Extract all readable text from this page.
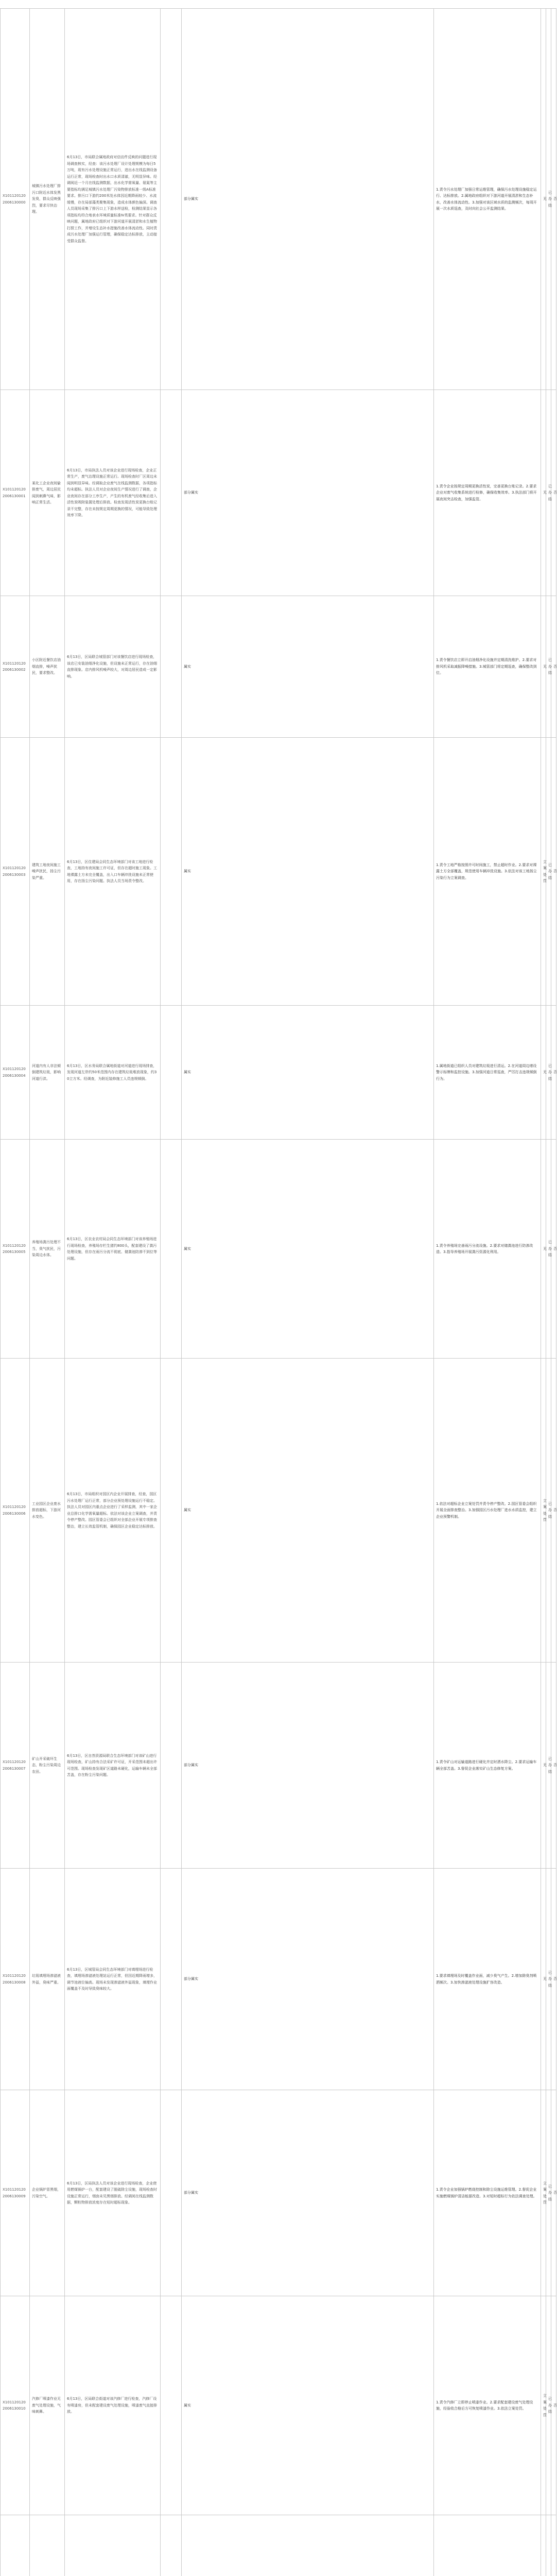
X1011201202006130000	城镇污水处理厂排污口附近水体发黑发臭，群众反映强烈，要求尽快治理。	6月13日，市局联合属地政府对信访件反映的问题进行现场调查核实，经查：该污水处理厂设计处理规模为每日5万吨，现有污水处理设施正常运行，进出水在线监测设备运行正常，现场检查时出水口水质清澈，无明显异味。经调阅近一个月在线监测数据，出水化学需氧量、氨氮等主要指标均满足城镇污水处理厂污染物排放标准一级A标准要求。排污口下游约200米处水体因近期降雨较少、水流缓慢，存在局部藻类聚集现象，造成水体颜色偏深。调查人员现场采集了排污口上下游水样送检，检测结果显示各项指标均符合地表水环境质量标准Ⅳ类要求。针对群众反映问题，属地政府已组织对下游河道开展清淤和水生植物打捞工作，并增设生态补水措施改善水体流动性。同时责成污水处理厂加强运行管理，确保稳定达标排放，主动接受群众监督。		部分属实	1.责令污水处理厂加强日常运维管理，确保污水处理设施稳定运行、达标排放。2.属地政府组织对下游河道开展清淤和生态补水，改善水体流动性。3.加强对该区域水质的监测频次，每周开展一次水质巡查，及时向社会公开监测结果。	无	已办结	否
X1011201202006130001	某化工企业夜间偷排废气，周边居民闻到刺鼻气味，影响正常生活。	6月13日，市局执法人员对该企业进行现场检查，企业正常生产，废气治理设施正常运行。现场检查时厂区周边未闻到明显异味。经调取企业废气在线监测数据，各项指标均未超标。执法人员对企业夜间生产情况进行了调查，企业夜间存在部分工序生产，产生的有机废气经收集后进入活性炭吸附装置处理后排放。检查发现活性炭更换台账记录不完整，存在未按规定周期更换的情况，可能导致处理效率下降。		部分属实	1.责令企业按规定周期更换活性炭，完善更换台账记录。2.要求企业对废气收集系统进行检修，确保收集效率。3.执法部门将开展夜间突击检查，加强监管。	无	已办结	否
X1011201202006130002	小区附近餐饮店油烟直排，噪声扰民，要求整改。	6月13日，区局联合城管部门对该餐饮店进行现场检查，该店已安装油烟净化设施，但设施未正常运行，存在油烟直排现象。店内排风机噪声较大，对周边居民造成一定影响。		属实	1.责令餐饮店立即开启油烟净化设施并定期清洗维护。2.要求对排风机采取减振降噪措施。3.城管部门将定期巡查，确保整改到位。	无	已办结	否
X1011201202006130003	建筑工地夜间施工噪声扰民，扬尘污染严重。	6月13日，区住建局会同生态环境部门对该工地进行检查，工地持有夜间施工许可证，但存在超时施工现象。工地裸露土方未完全覆盖，出入口车辆冲洗设施未正常使用，存在扬尘污染问题。执法人员当场责令整改。		属实	1.责令工地严格按照许可时间施工，禁止超时作业。2.要求对裸露土方全部覆盖，规范使用车辆冲洗设施。3.依法对该工地扬尘污染行为立案调查。	立案处罚	已办结	否
X1011201202006130004	河道内有人非法倾倒建筑垃圾，影响河道行洪。	6月13日，区水务局联合属地街道对河道进行现场排查，发现河道左岸约50米范围内存在建筑垃圾堆放现象，约30立方米。经调查，为附近装修施工人员违规倾倒。		属实	1.属地街道已组织人员对建筑垃圾进行清运。2.在河道周边增设警示标牌和监控设施。3.加强河道日常巡查，严厉打击违规倾倒行为。	无	已办结	否
X1011201202006130005	养殖场粪污处理不当，臭气扰民，污染周边水体。	6月13日，区农业农村局会同生态环境部门对该养殖场进行现场检查，养殖场存栏生猪约800头，配套建设了粪污处理设施，但存在雨污分流不彻底、储粪池防渗不到位等问题。		属实	1.责令养殖场完善雨污分流设施。2.要求对储粪池进行防渗改造。3.指导养殖场开展粪污资源化利用。	无	已办结	否
X1011201202006130006	工业园区企业废水排放超标，下游河水变色。	6月13日，市局组织对园区内企业开展排查，经查，园区污水处理厂运行正常，部分企业预处理设施运行不稳定。执法人员对园区内重点企业进行了采样监测，其中一家企业总排口化学需氧量超标。依法对该企业立案调查，并责令停产整改。园区管委会已组织对全部企业开展专项排查整治，建立长效监管机制，确保园区企业稳定达标排放。		属实	1.依法对超标企业立案处罚并责令停产整改。2.园区管委会组织开展全面排查整治。3.加强园区污水处理厂进水水质监控，建立企业预警机制。	立案处罚	已办结	否
X1011201202006130007	矿山开采破坏生态，粉尘污染周边农田。	6月13日，区自然资源局联合生态环境部门对该矿山进行现场检查，矿山持有合法采矿许可证，开采范围未超出许可范围。现场检查发现矿区道路未硬化，运输车辆未全部苫盖，存在粉尘污染问题。		部分属实	1.责令矿山对运输道路进行硬化并定时洒水降尘。2.要求运输车辆全部苫盖。3.督促企业落实矿山生态修复方案。	无	已办结	否
X1011201202006130008	垃圾填埋场渗滤液外溢，臭味严重。	6月13日，区城管局会同生态环境部门对填埋场进行检查，填埋场渗滤液处理站运行正常，但因近期降雨增多，调节池液位偏高。现场未发现渗滤液外溢现象，填埋作业面覆盖不及时导致臭味较大。		部分属实	1.要求填埋场及时覆盖作业面，减少臭气产生。2.增加除臭剂喷洒频次。3.加快渗滤液处理设施扩容改造。	无	已办结	否
X1011201202006130009	企业锅炉冒黑烟，污染空气。	6月13日，区局执法人员对该企业进行现场检查，企业使用燃煤锅炉一台，配套建设了脱硫除尘设施，现场检查时设施正常运行，烟囱未见黑烟排放。经调阅在线监测数据，颗粒物排放浓度存在短时超标现象。		部分属实	1.责令企业加强锅炉燃烧控制和除尘设施运维管理。2.督促企业实施燃煤锅炉清洁能源改造。3.对短时超标行为依法调查处理。	立案处罚	已办结	否
X1011201202006130010	汽修厂喷漆作业无废气处理设施，气味刺鼻。	6月13日，区局联合街道对该汽修厂进行检查，汽修厂设有喷漆房，但未配套建设废气处理设施，喷漆废气直接排放。		属实	1.责令汽修厂立即停止喷漆作业。2.要求配套建设废气处理设施，经验收合格后方可恢复喷漆作业。3.依法立案处罚。	立案处罚	已办结	否
